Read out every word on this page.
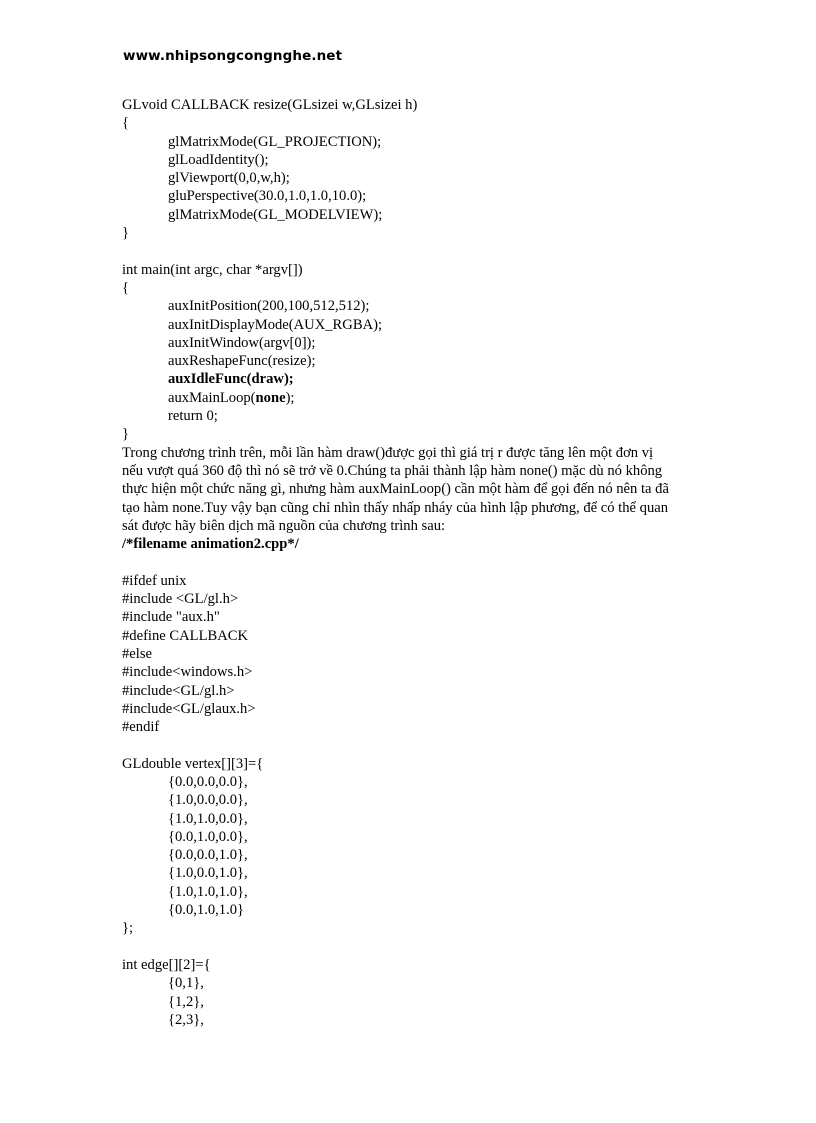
www.nhipsongcongnghe.net
GLvoid CALLBACK resize(GLsizei w,GLsizei h)
{
glMatrixMode(GL_PROJECTION);
glLoadIdentity();
glViewport(0,0,w,h);
gluPerspective(30.0,1.0,1.0,10.0);
glMatrixMode(GL_MODELVIEW);
}
int main(int argc, char *argv[])
{
auxInitPosition(200,100,512,512);
auxInitDisplayMode(AUX_RGBA);
auxInitWindow(argv[0]);
auxReshapeFunc(resize);
auxIdleFunc(draw);
auxMainLoop(none);
return 0;
}
Trong chương trình trên, mỗi lần hàm draw()được gọi thì giá trị r được tăng lên một đơn vị
nếu vượt quá 360 độ thì nó sẽ trở về 0.Chúng ta phải thành lập hàm none() mặc dù nó không
thực hiện một chức năng gì, nhưng hàm auxMainLoop() cần một hàm để gọi đến nó nên ta đã
tạo hàm none.Tuy vậy bạn cũng chỉ nhìn thấy nhấp nháy của hình lập phương, để có thể quan
sát được hãy biên dịch mã nguồn của chương trình sau:
/*filename animation2.cpp*/
#ifdef unix
#include <GL/gl.h>
#include "aux.h"
#define CALLBACK
#else
#include<windows.h>
#include<GL/gl.h>
#include<GL/glaux.h>
#endif
GLdouble vertex[][3]={
{0.0,0.0,0.0},
{1.0,0.0,0.0},
{1.0,1.0,0.0},
{0.0,1.0,0.0},
{0.0,0.0,1.0},
{1.0,0.0,1.0},
{1.0,1.0,1.0},
{0.0,1.0,1.0}
};
int edge[][2]={
{0,1},
{1,2},
{2,3},
